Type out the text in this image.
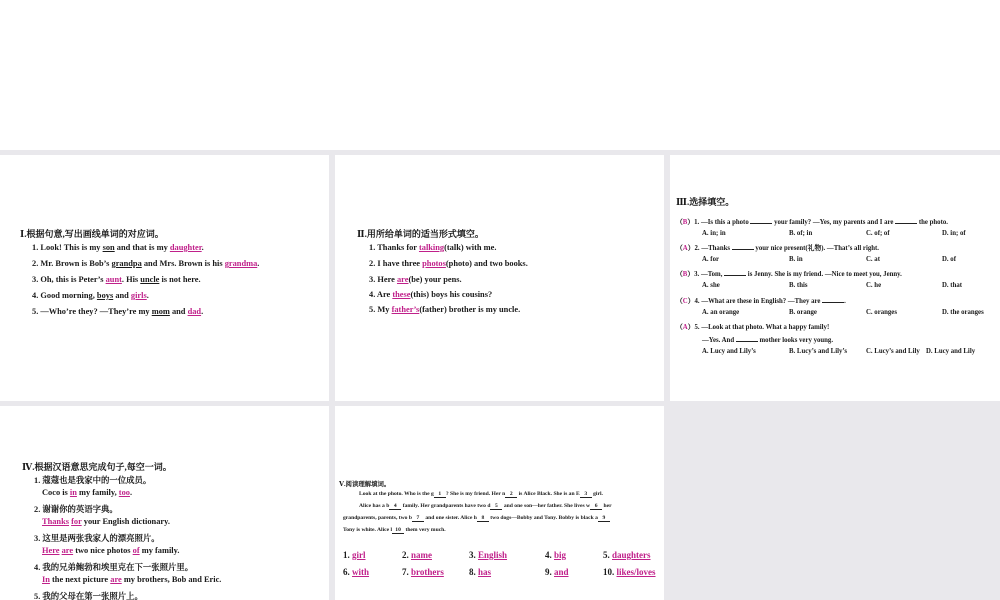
Ⅰ.根据句意,写出画线单词的对应词。
1. Look! This is my son and that is my daughter.
2. Mr. Brown is Bob’s grandpa and Mrs. Brown is his grandma.
3. Oh, this is Peter’s aunt. His uncle is not here.
4. Good morning, boys and girls.
5. —Who’re they? —They’re my mom and dad.
Ⅱ.用所给单词的适当形式填空。
1. Thanks for talking(talk) with me.
2. I have three photos(photo) and two books.
3. Here are(be) your pens.
4. Are these(this) boys his cousins?
5. My father’s(father) brother is my uncle.
Ⅲ.选择填空。
（B）1. —Is this a photo	your family? —Yes, my parents and I are	the photo.
A. in; in	B. of; in	C. of; of	D. in; of
（A）2. —Thanks	your nice present(礼物). —That’s all right.
A. for	B. in	C. at	D. of
（B）3. —Tom,	is Jenny. She is my friend. —Nice to meet you, Jenny.
A. she	B. this	C. he	D. that
（C）4. —What are these in English? —They are	.
A. an orange	B. orange	C. oranges	D. the oranges
（A）5. —Look at that photo. What a happy family!
—Yes. And	mother looks very young.
A. Lucy and Lily’s	B. Lucy’s and Lily’s	C. Lucy’s and Lily D. Lucy and Lily
Ⅳ.根据汉语意思完成句子,每空一词。
1. 蔻蔻也是我家中的一位成员。
Coco is in my family, too.
2. 谢谢你的英语字典。
Thanks for your English dictionary.
3. 这里是两张我家人的漂亮照片。
Here are two nice photos of my family.
4. 我的兄弟鲍勃和埃里克在下一张照片里。
In the next picture are my brothers, Bob and Eric.
5. 我的父母在第一张照片上。
Ⅴ.阅读理解填词。
Look at the photo. Who is the g 1 ? She is my friend. Her n 2 is Alice Black. She is an E 3 girl.
Alice has a b 4 family. Her grandparents have two d 5 and one son—her father. She lives w 6 her
grandparents, parents, two b 7 and one sister. Alice h 8 two dogs—Bobby and Tony. Bobby is black a 9
Tony is white. Alice l 10 them very much.
1. girl	2. name	3. English	4. big	5. daughters
6. with	7. brothers	8. has	9. and	10. likes/loves
